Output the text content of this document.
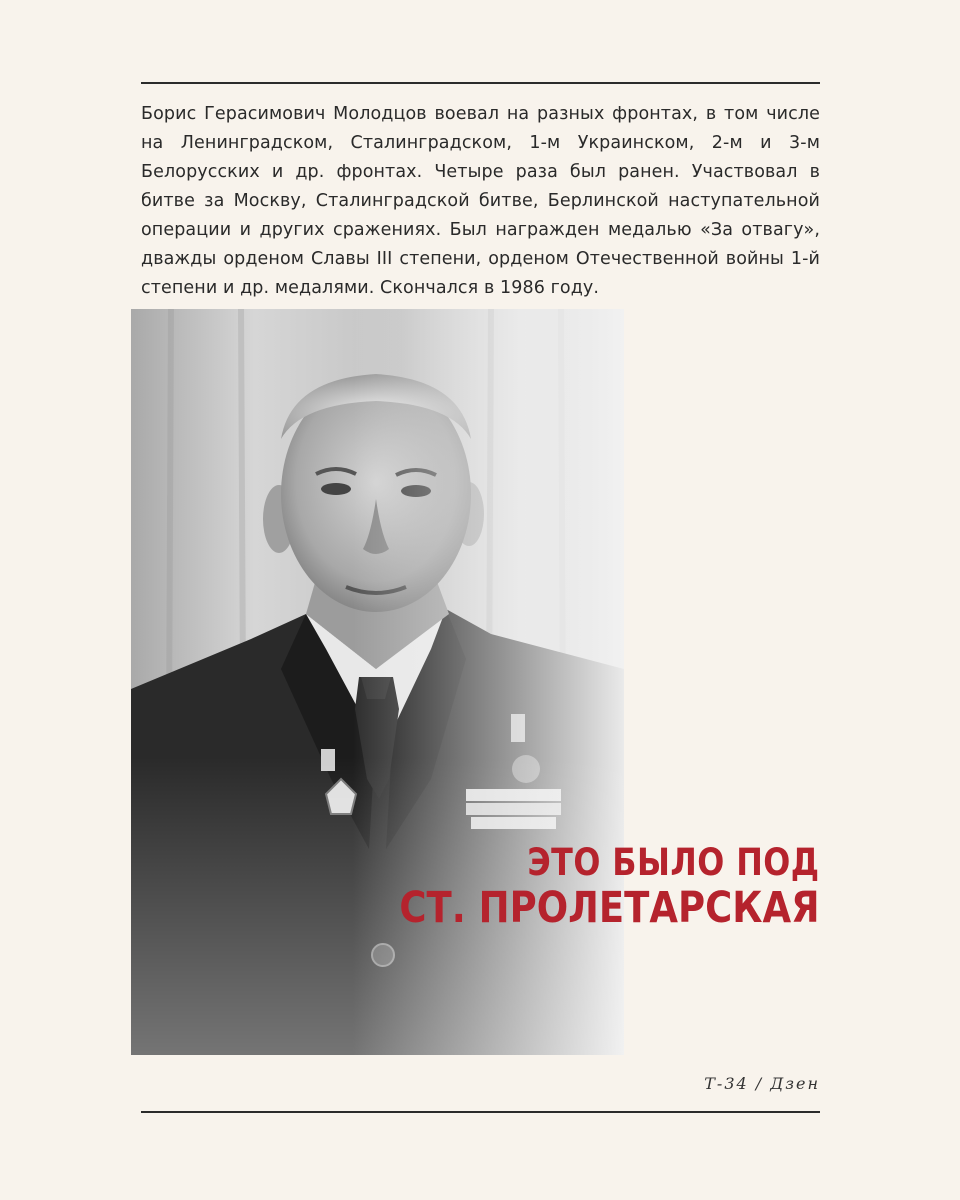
Борис Герасимович Молодцов воевал на разных фронтах, в том числе на Ленинградском, Сталинградском, 1-м Украинском, 2-м и 3-м Белорусских и др. фронтах. Четыре раза был ранен. Участвовал в битве за Москву, Сталинградской битве, Берлинской наступательной операции и других сражениях. Был награжден медалью «За отвагу», дважды орденом Славы III степени, орденом Отечественной войны 1-й степени и др. медалями. Скончался в 1986 году.

ЭТО БЫЛО ПОД
СТ. ПРОЛЕТАРСКАЯ
Т-34 / Дзен
